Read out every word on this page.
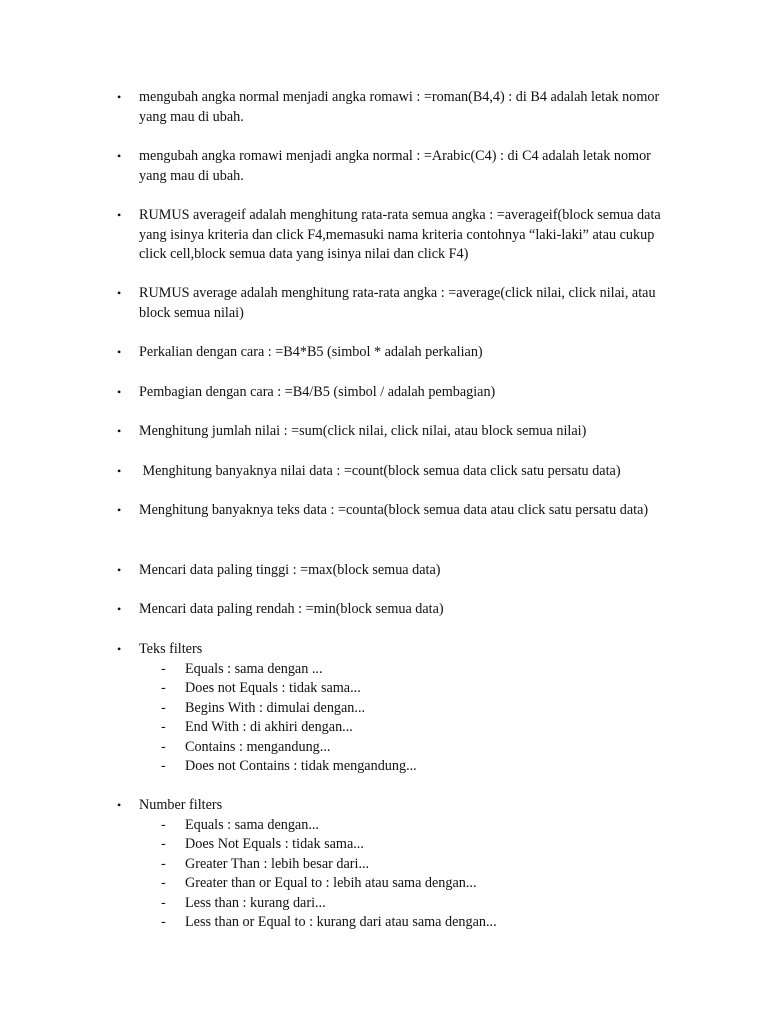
• mengubah angka normal menjadi angka romawi : =roman(B4,4) : di B4 adalah letak nomor yang mau di ubah.
• mengubah angka romawi menjadi angka normal : =Arabic(C4) : di C4 adalah letak nomor yang mau di ubah.
• RUMUS averageif adalah menghitung rata-rata semua angka : =averageif(block semua data yang isinya kriteria dan click F4,memasuki nama kriteria contohnya “laki-laki” atau cukup click cell,block semua data yang isinya nilai dan click F4)
• RUMUS average adalah menghitung rata-rata angka : =average(click nilai, click nilai, atau block semua nilai)
• Perkalian dengan cara : =B4*B5 (simbol * adalah perkalian)
• Pembagian dengan cara : =B4/B5 (simbol / adalah pembagian)
• Menghitung jumlah nilai : =sum(click nilai, click nilai, atau block semua nilai)
• Menghitung banyaknya nilai data : =count(block semua data click satu persatu data)
• Menghitung banyaknya teks data : =counta(block semua data atau click satu persatu data)
• Mencari data paling tinggi : =max(block semua data)
• Mencari data paling rendah : =min(block semua data)
• Teks filters
- Equals : sama dengan ...
- Does not Equals : tidak sama...
- Begins With : dimulai dengan...
- End With : di akhiri dengan...
- Contains : mengandung...
- Does not Contains : tidak mengandung...
• Number filters
- Equals : sama dengan...
- Does Not Equals : tidak sama...
- Greater Than : lebih besar dari...
- Greater than or Equal to : lebih atau sama dengan...
- Less than : kurang dari...
- Less than or Equal to : kurang dari atau sama dengan...
